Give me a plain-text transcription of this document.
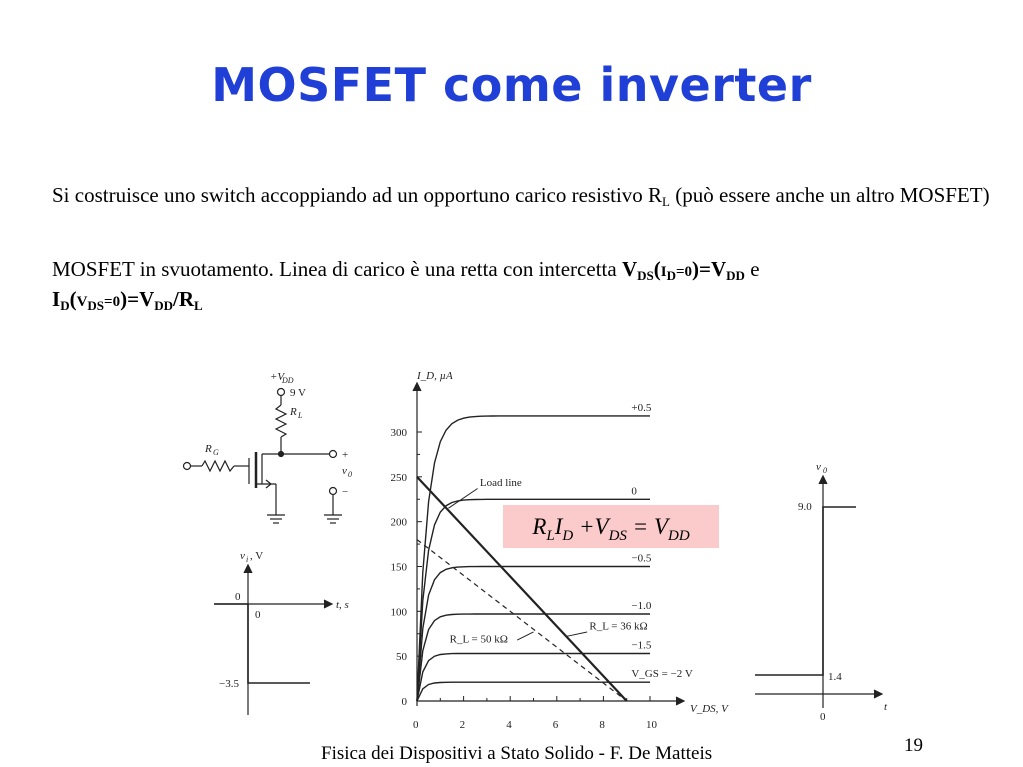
MOSFET come inverter
Si costruisce uno switch accoppiando ad un opportuno carico resistivo $R_L$ (può essere anche un altro MOSFET)
MOSFET in svuotamento. Linea di carico è una retta con intercetta $V_{DS}(I_D=0)=V_{DD}$ e
$I_D(V_{DS}=0)=V_{DD}/R_L$
+V
DD
9 V
R L
+
v 0
−
R G
v i , V
t, s
0
0
−3.5
0	2	4	6	8	10
0
50
100
150
200
250
300
+0.5
0
−0.5
−1.0
−1.5
V_GS = −2 V
Load line
R_L = 36 kΩ
R_L = 50 kΩ
I_D, µA
V_DS, V
v 0
9.0
1.4
t
0
$R_LI_D +V_{DS} = V_{DD}$
Fisica dei Dispositivi a Stato Solido - F. De Matteis	19
